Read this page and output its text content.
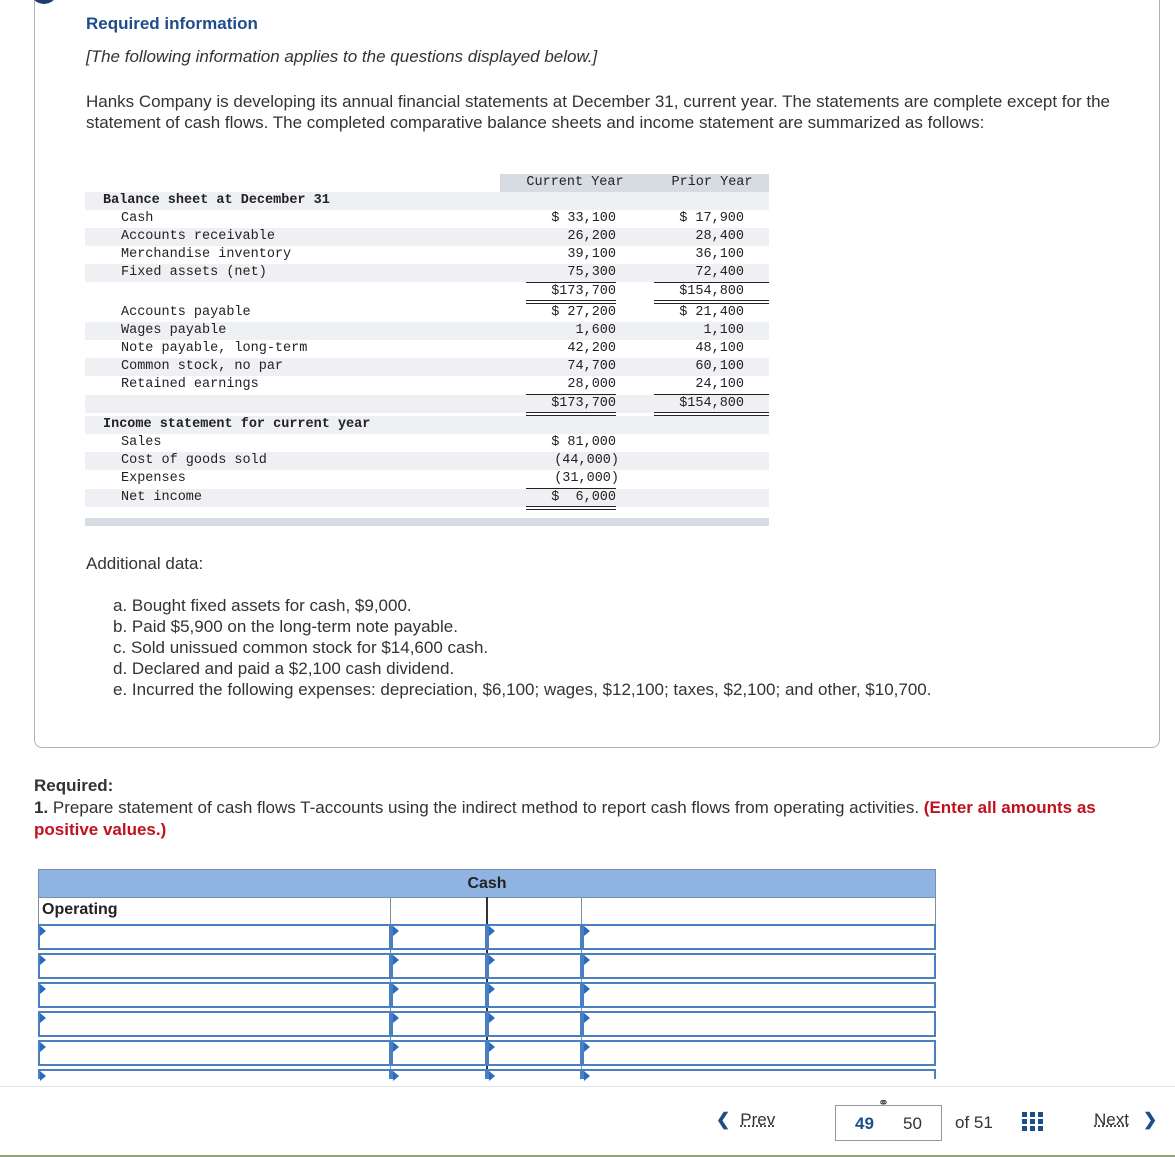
Required information
[The following information applies to the questions displayed below.]
Hanks Company is developing its annual financial statements at December 31, current year. The statements are complete except for the statement of cash flows. The completed comparative balance sheets and income statement are summarized as follows:
Current Year	Prior Year
Balance sheet at December 31
Cash	$ 33,100	$ 17,900
Accounts receivable	26,200	28,400
Merchandise inventory	39,100	36,100
Fixed assets (net)	75,300	72,400
$173,700	$154,800
Accounts payable	$ 27,200	$ 21,400
Wages payable	1,600	1,100
Note payable, long-term	42,200	48,100
Common stock, no par	74,700	60,100
Retained earnings	28,000	24,100
$173,700	$154,800
Income statement for current year
Sales	$ 81,000
Cost of goods sold	(44,000)
Expenses	(31,000)
Net income	$  6,000
Additional data:
a. Bought fixed assets for cash, $9,000.
b. Paid $5,900 on the long-term note payable.
c. Sold unissued common stock for $14,600 cash.
d. Declared and paid a $2,100 cash dividend.
e. Incurred the following expenses: depreciation, $6,100; wages, $12,100; taxes, $2,100; and other, $10,700.
Required:
1. Prepare statement of cash flows T-accounts using the indirect method to report cash flows from operating activities. (Enter all amounts as positive values.)
Cash
Operating
❮ Prev
⚭
49 50 of 51	Next ❯
